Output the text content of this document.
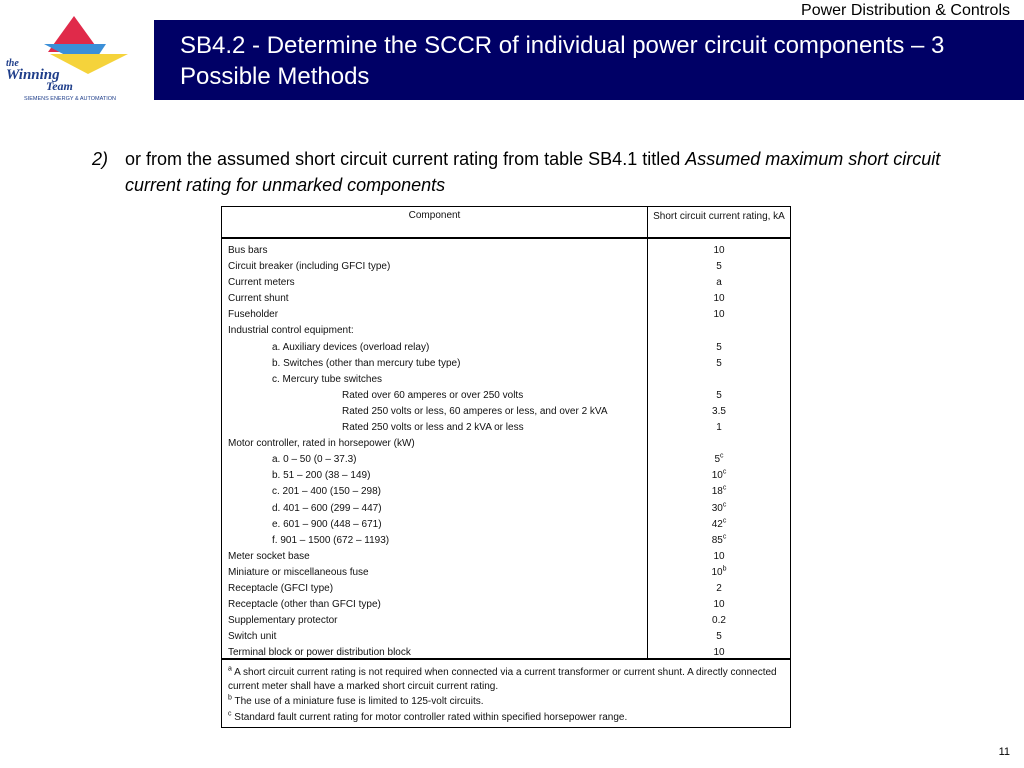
Power Distribution & Controls
the
Winning
Team
SIEMENS ENERGY & AUTOMATION
SB4.2 - Determine the SCCR of individual power circuit components – 3 Possible Methods
2) or from the assumed short circuit current rating from table SB4.1 titled Assumed maximum short circuit current rating for unmarked components
Component	Short circuit current rating, kA
Bus bars
Circuit breaker (including GFCI type)
Current meters
Current shunt
Fuseholder
Industrial control equipment:
a. Auxiliary devices (overload relay)
b. Switches (other than mercury tube type)
c. Mercury tube switches
Rated over 60 amperes or over 250 volts
Rated 250 volts or less, 60 amperes or less, and over 2 kVA
Rated 250 volts or less and 2 kVA or less
Motor controller, rated in horsepower (kW)
a. 0 – 50 (0 – 37.3)
b. 51 – 200 (38 – 149)
c. 201 – 400 (150 – 298)
d. 401 – 600 (299 – 447)
e. 601 – 900 (448 – 671)
f. 901 – 1500 (672 – 1193)
Meter socket base
Miniature or miscellaneous fuse
Receptacle (GFCI type)
Receptacle (other than GFCI type)
Supplementary protector
Switch unit
Terminal block or power distribution block
10
5
a
10
10
5
5
5
3.5
1
5$^c$
10$^c$
18$^c$
30$^c$
42$^c$
85$^c$
10
10$^b$
2
10
0.2
5
10
$^a$ A short circuit current rating is not required when connected via a current transformer or current shunt. A directly connected current meter shall have a marked short circuit current rating.
$^b$ The use of a miniature fuse is limited to 125-volt circuits.
$^c$ Standard fault current rating for motor controller rated within specified horsepower range.
11
